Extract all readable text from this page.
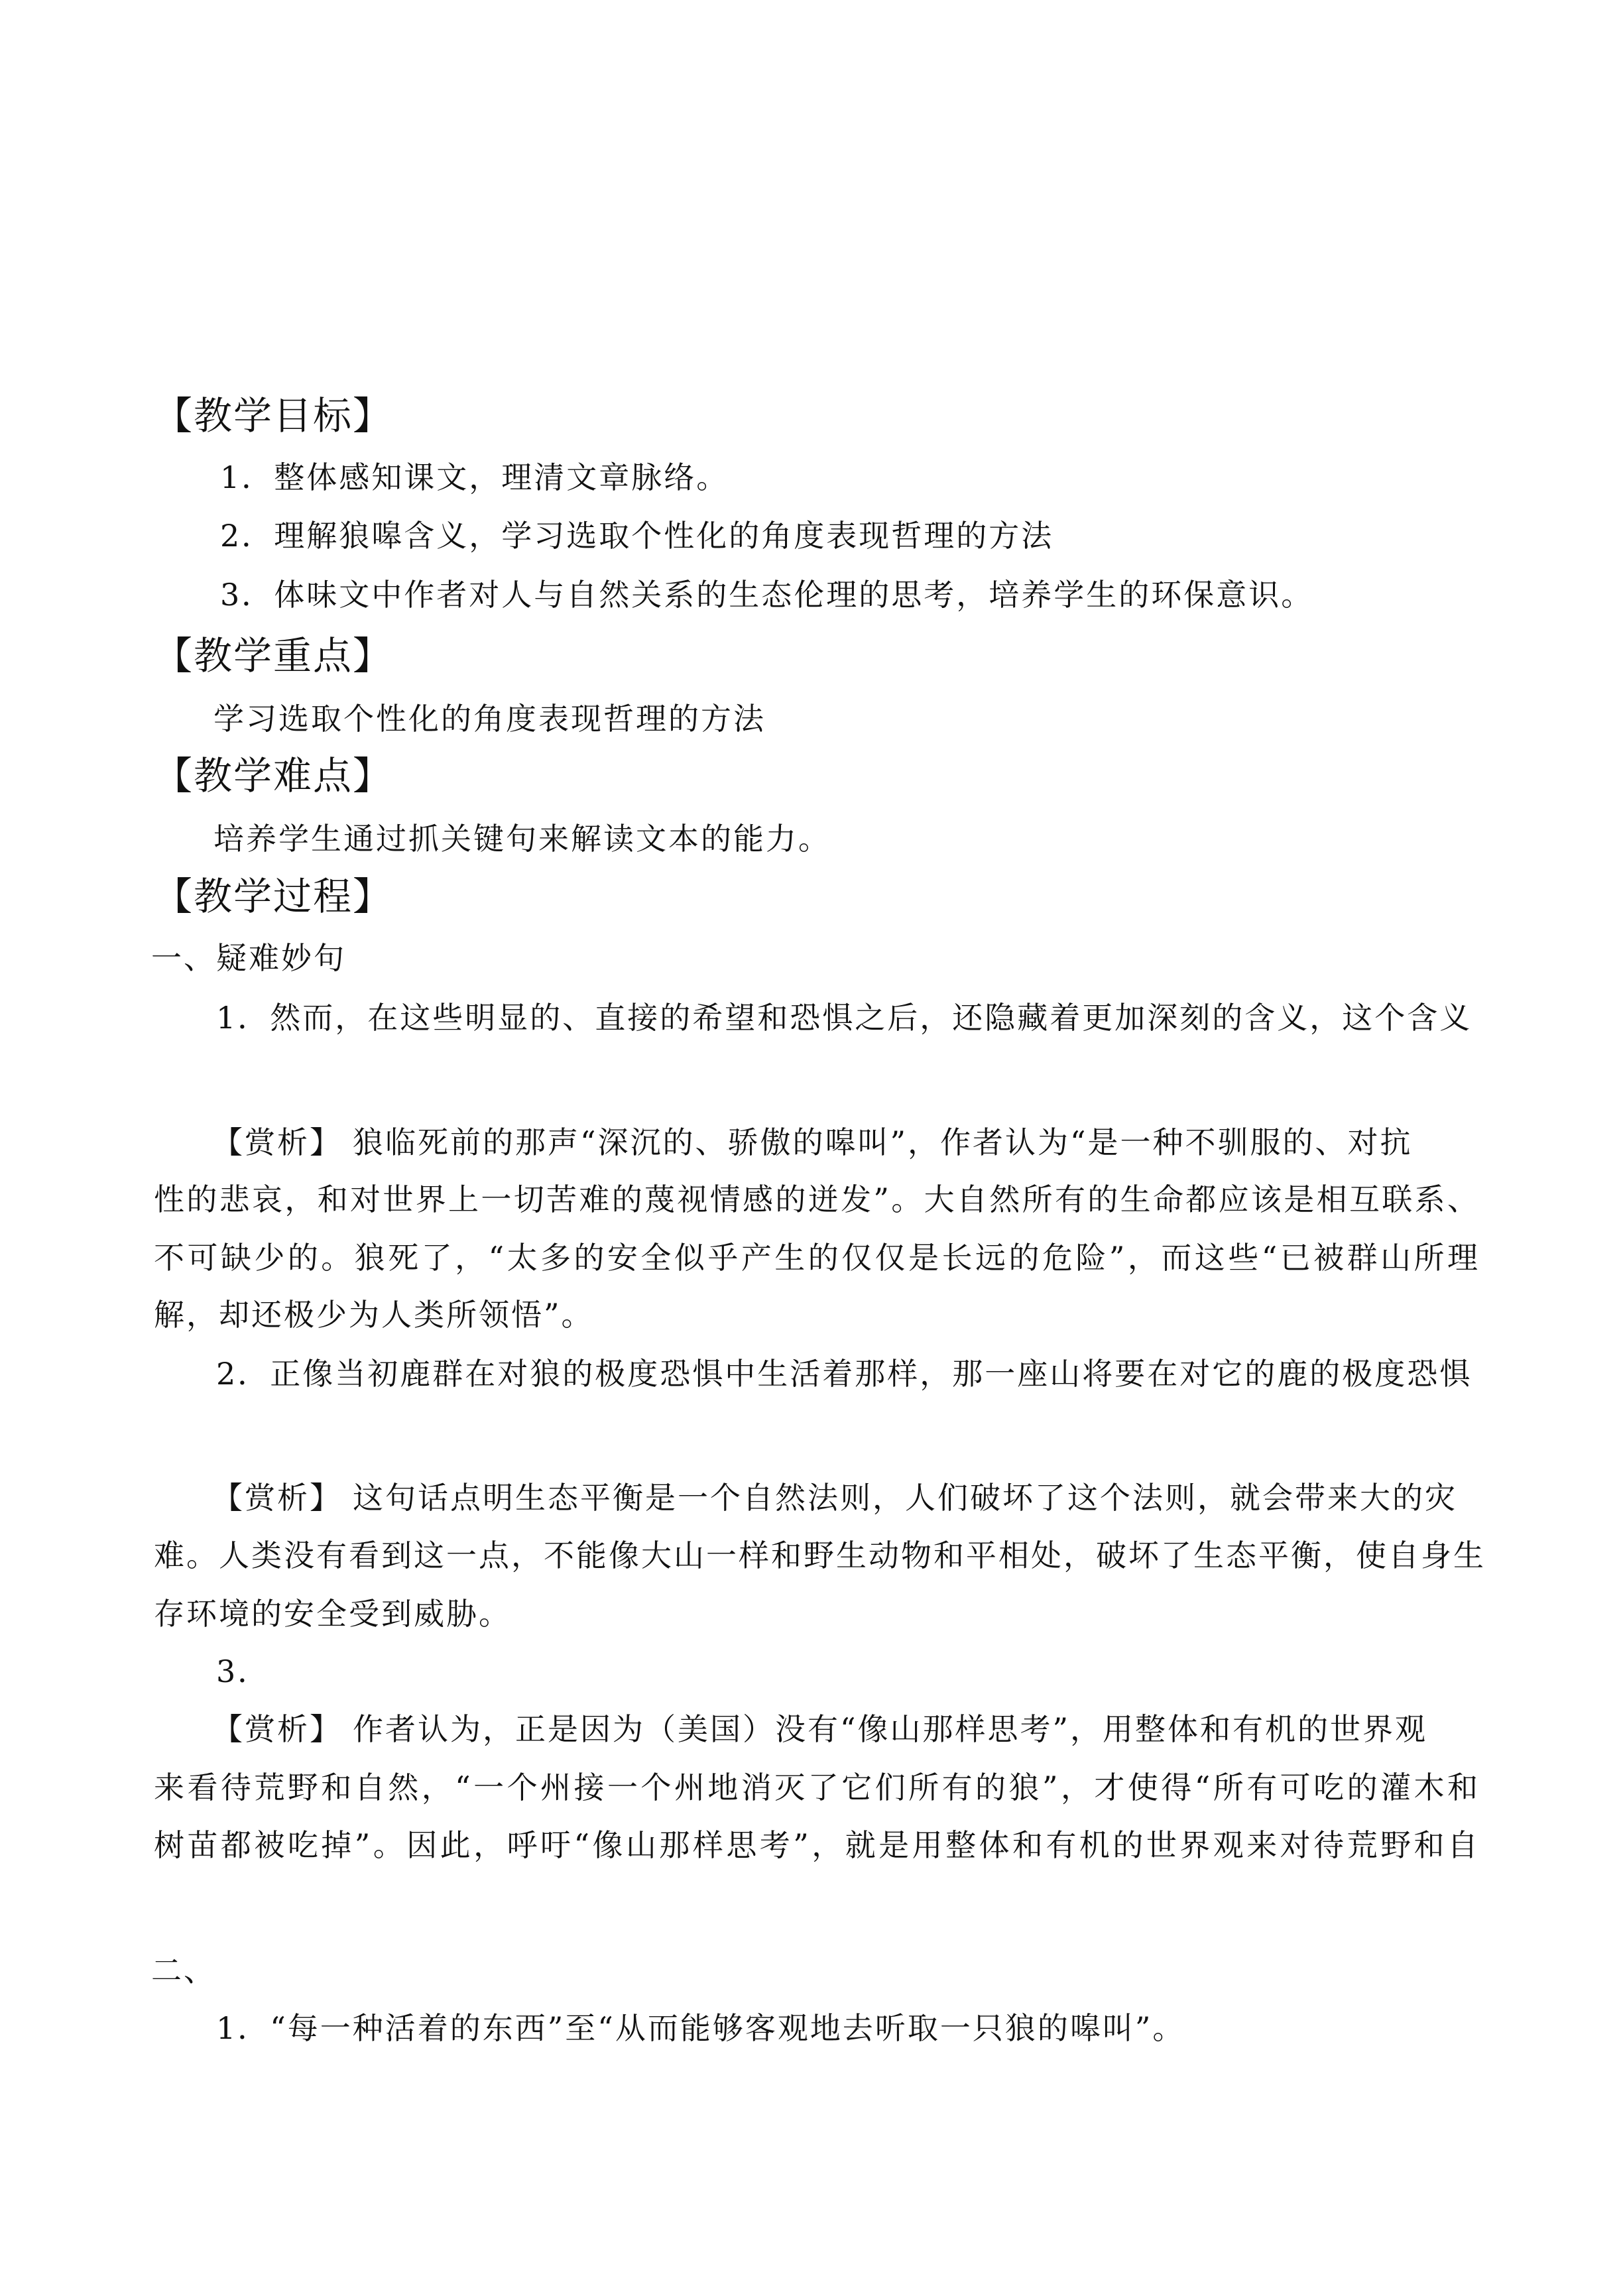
【教学目标】
1．整体感知课文，理清文章脉络。
2．理解狼嗥含义，学习选取个性化的角度表现哲理的方法
3．体味文中作者对人与自然关系的生态伦理的思考，培养学生的环保意识。
【教学重点】
学习选取个性化的角度表现哲理的方法
【教学难点】
培养学生通过抓关键句来解读文本的能力。
【教学过程】
一、疑难妙句
1．然而，在这些明显的、直接的希望和恐惧之后，还隐藏着更加深刻的含义，这个含义
【赏析】 狼临死前的那声“深沉的、骄傲的嗥叫”，作者认为“是一种不驯服的、对抗
性的悲哀，和对世界上一切苦难的蔑视情感的迸发”。大自然所有的生命都应该是相互联系、
不可缺少的。狼死了，“太多的安全似乎产生的仅仅是长远的危险”，而这些“已被群山所理
解，却还极少为人类所领悟”。
2．正像当初鹿群在对狼的极度恐惧中生活着那样，那一座山将要在对它的鹿的极度恐惧
【赏析】 这句话点明生态平衡是一个自然法则，人们破坏了这个法则，就会带来大的灾
难。人类没有看到这一点，不能像大山一样和野生动物和平相处，破坏了生态平衡，使自身生
存环境的安全受到威胁。
3．
【赏析】 作者认为，正是因为（美国）没有“像山那样思考”，用整体和有机的世界观
来看待荒野和自然，“一个州接一个州地消灭了它们所有的狼”，才使得“所有可吃的灌木和
树苗都被吃掉”。因此，呼吁“像山那样思考”，就是用整体和有机的世界观来对待荒野和自
二、
1．“每一种活着的东西”至“从而能够客观地去听取一只狼的嗥叫”。
